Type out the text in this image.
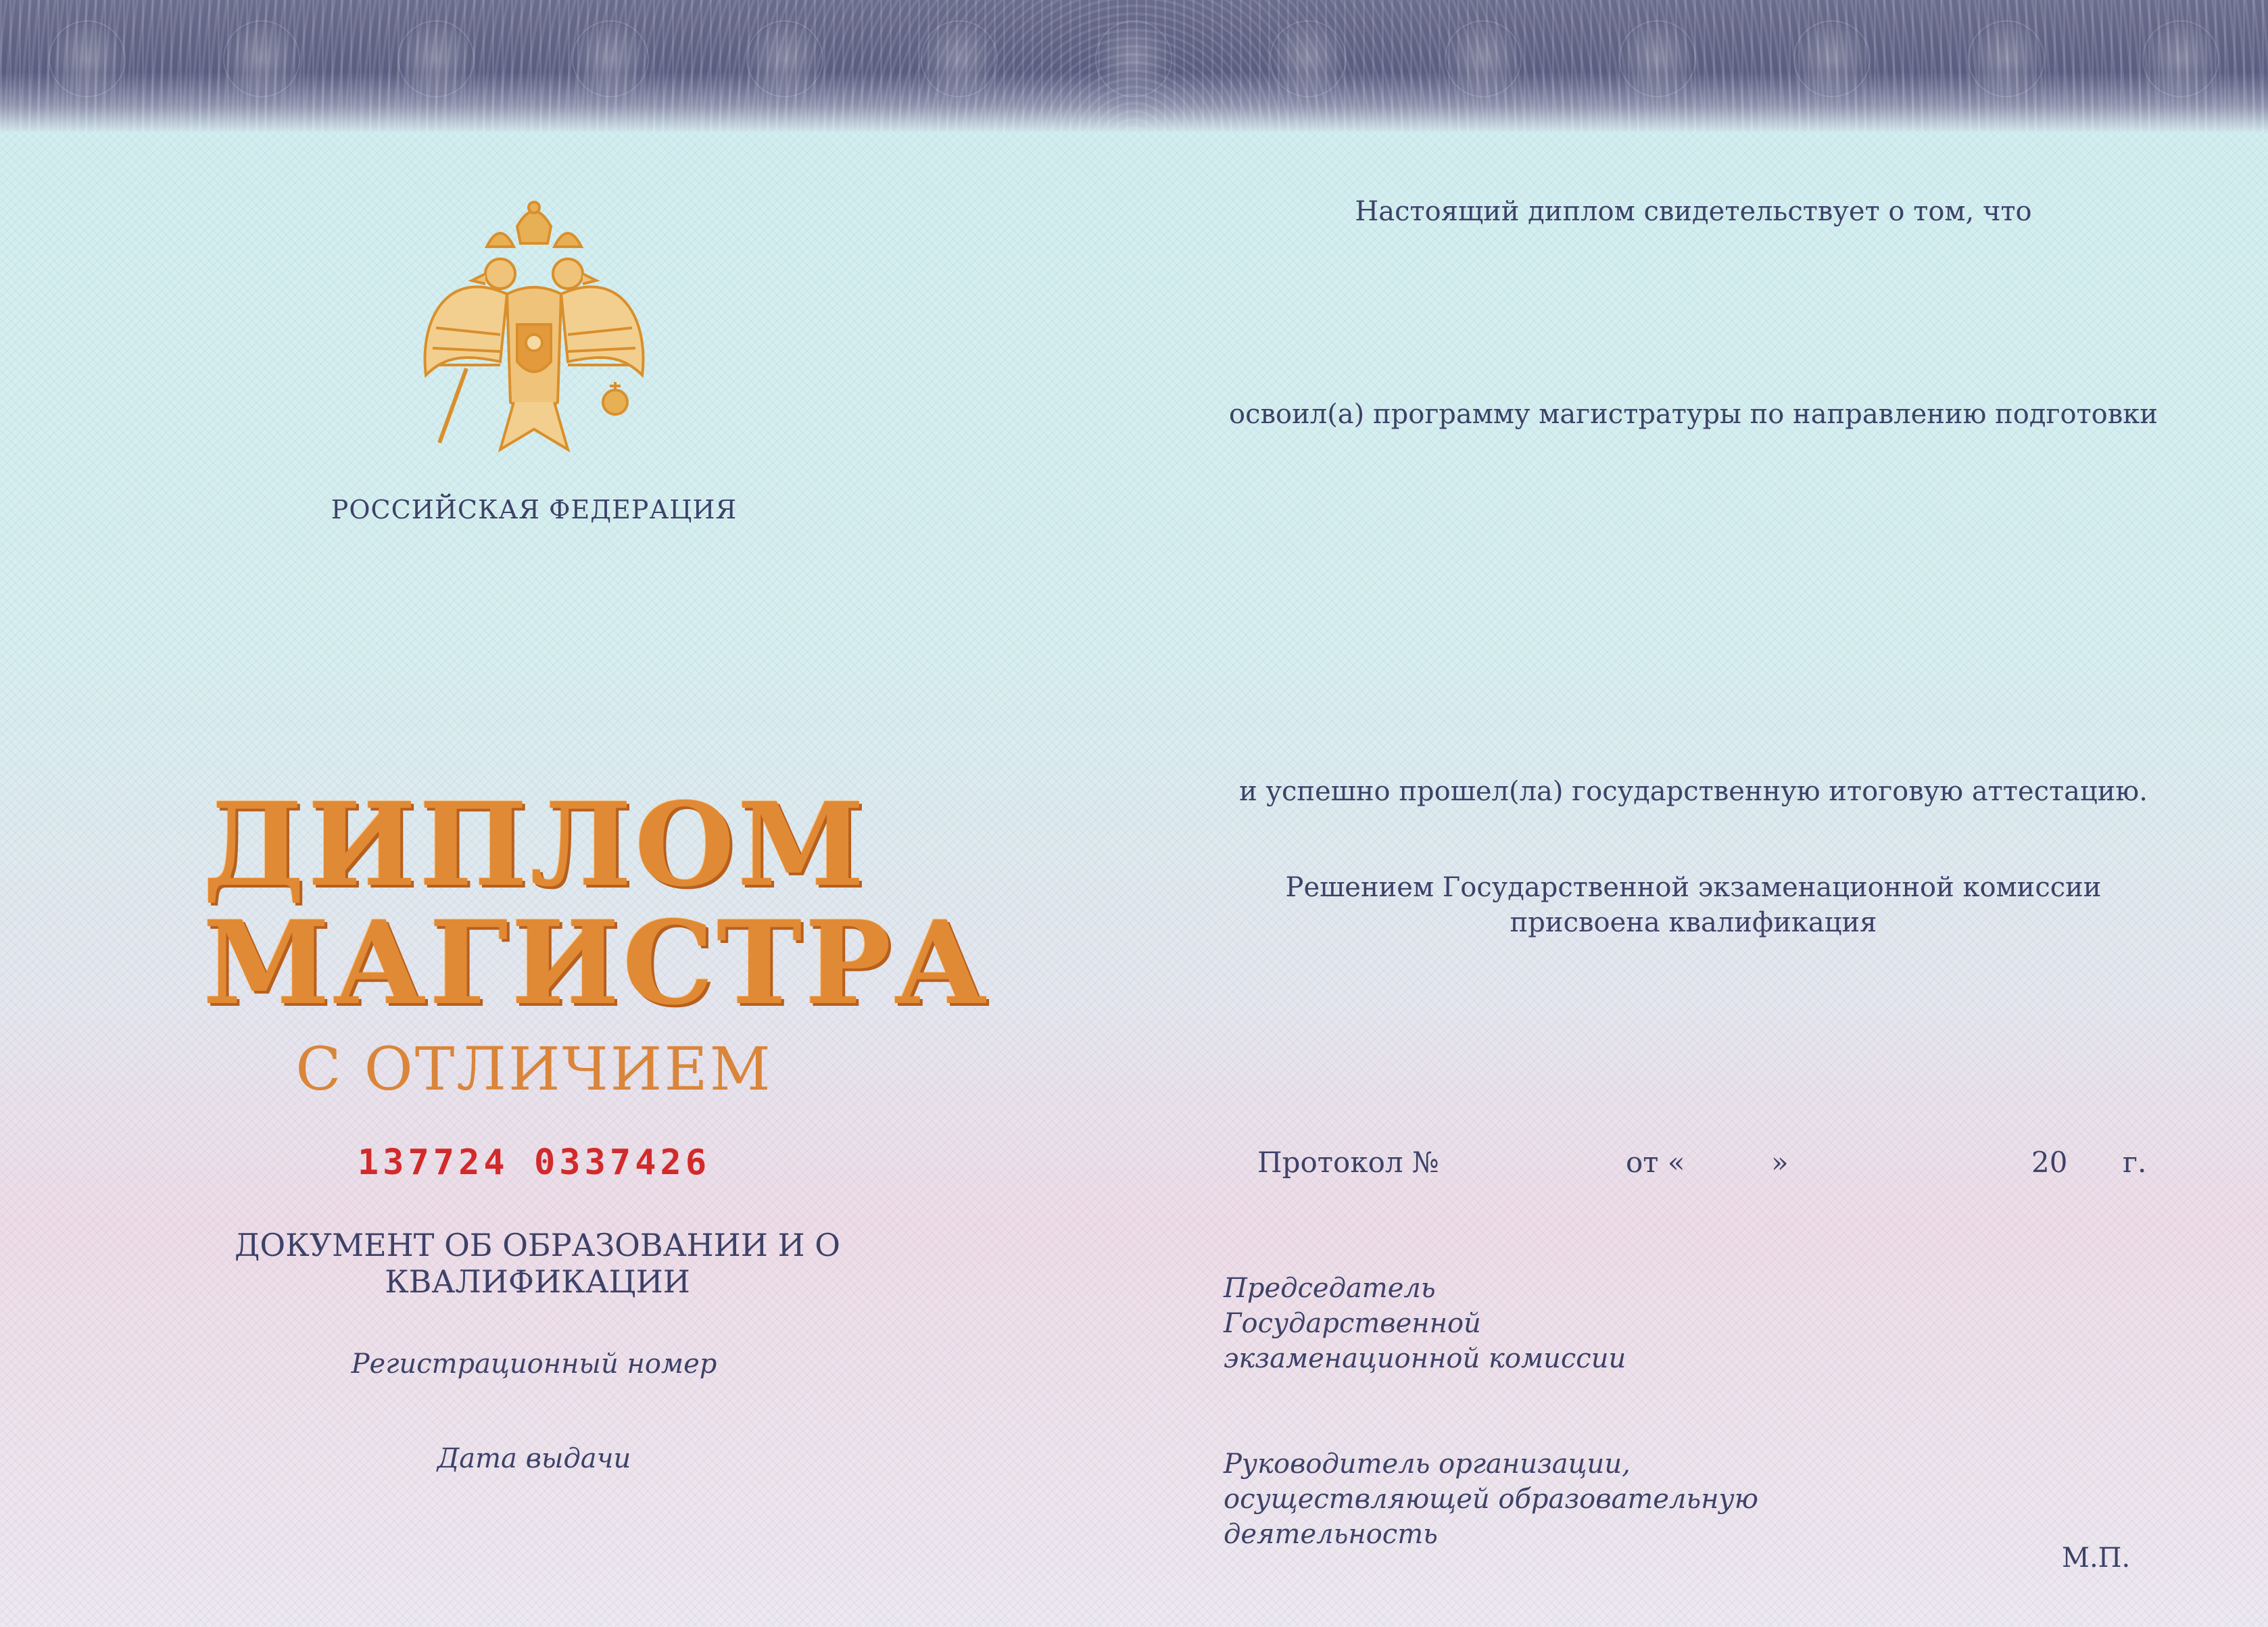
РОССИЙСКАЯ ФЕДЕРАЦИЯ
ДИПЛОМ
МАГИСТРА
С ОТЛИЧИЕМ
137724 0337426
ДОКУМЕНТ ОБ ОБРАЗОВАНИИ И О КВАЛИФИКАЦИИ
Регистрационный номер
Дата выдачи
Настоящий диплом свидетельствует о том, что
освоил(а) программу магистратуры по направлению подготовки
и успешно прошел(ла) государственную итоговую аттестацию.
Решением Государственной экзаменационной комиссии
присвоена квалификация
Протокол №	от «	»	20 г.
Председатель
Государственной
экзаменационной комиссии
Руководитель организации,
осуществляющей образовательную
деятельность
М.П.
